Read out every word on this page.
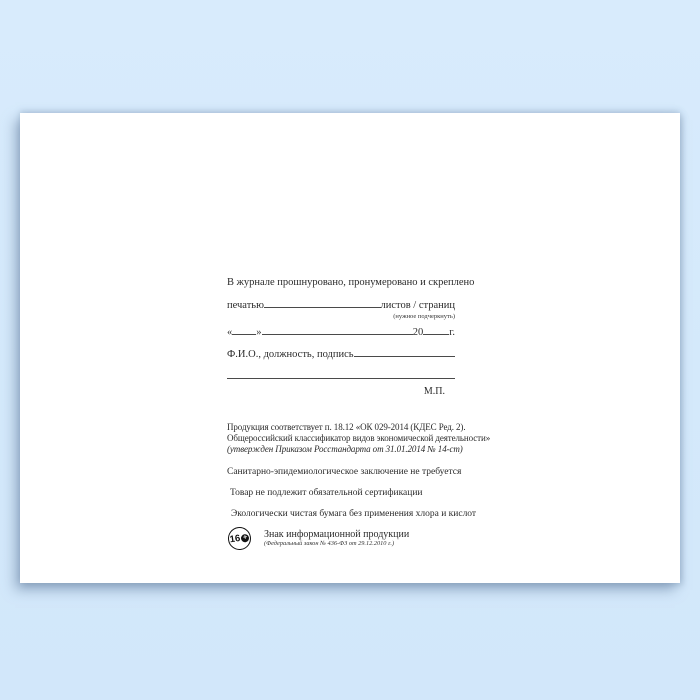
В журнале прошнуровано, пронумеровано и скреплено
печатью	листов / страниц
(нужное подчеркнуть)
« »	20 г.
Ф.И.О., должность, подпись
М.П.
Продукция соответствует п. 18.12 «ОК 029-2014 (КДЕС Ред. 2).
Общероссийский классификатор видов экономической деятельности»
(утвержден Приказом Росстандарта от 31.01.2014 № 14-ст)
Санитарно-эпидемиологическое заключение не требуется
Товар не подлежит обязательной сертификации
Экологически чистая бумага без применения хлора и кислот
16 + Знак информационной продукции
(Федеральный закон № 436-ФЗ от 29.12.2010 г.)
